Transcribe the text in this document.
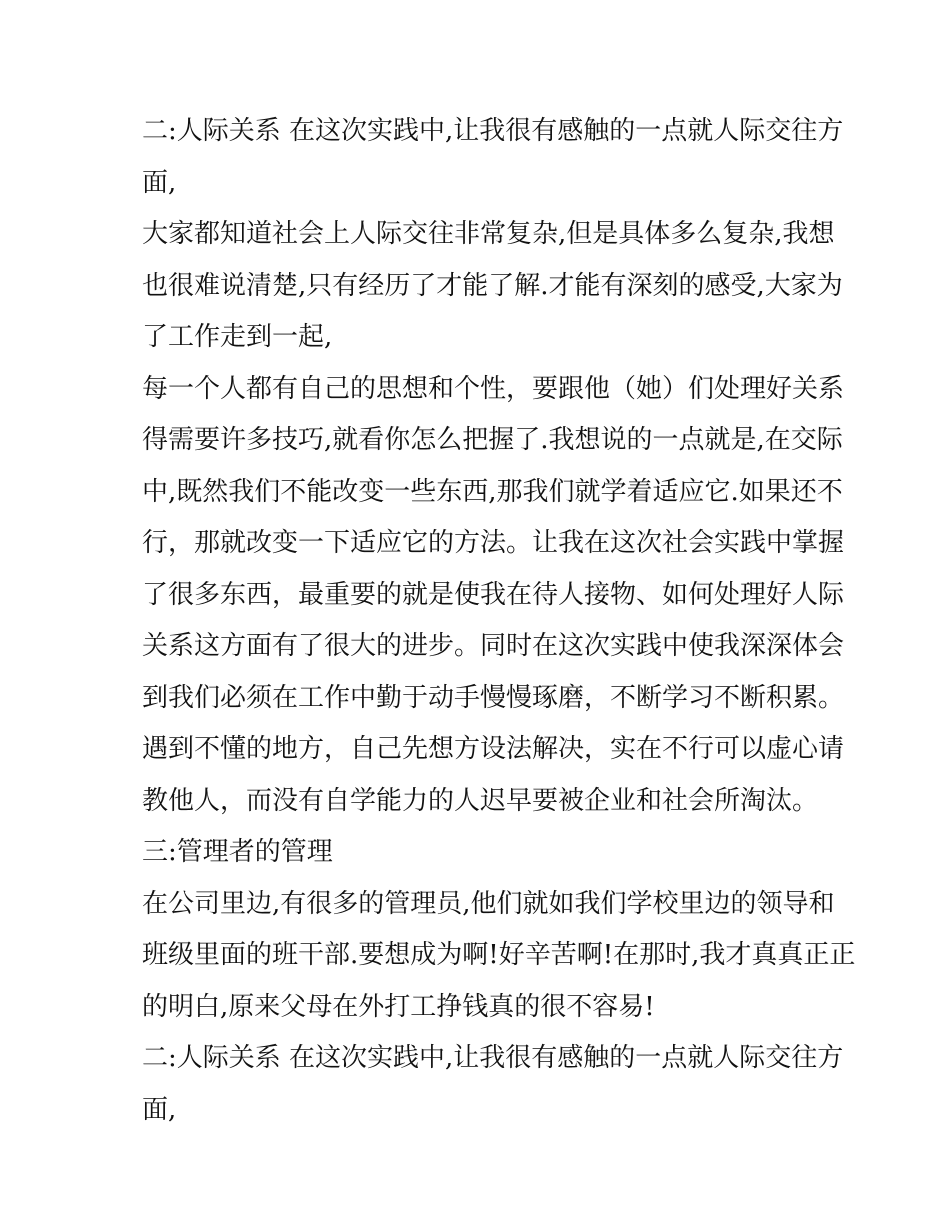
二:人际关系 在这次实践中,让我很有感触的一点就人际交往方
面,
大家都知道社会上人际交往非常复杂,但是具体多么复杂,我想
也很难说清楚,只有经历了才能了解.才能有深刻的感受,大家为
了工作走到一起,
每一个人都有自己的思想和个性，要跟他（她）们处理好关系
得需要许多技巧,就看你怎么把握了.我想说的一点就是,在交际
中,既然我们不能改变一些东西,那我们就学着适应它.如果还不
行，那就改变一下适应它的方法。让我在这次社会实践中掌握
了很多东西，最重要的就是使我在待人接物、如何处理好人际
关系这方面有了很大的进步。同时在这次实践中使我深深体会
到我们必须在工作中勤于动手慢慢琢磨，不断学习不断积累。
遇到不懂的地方，自己先想方设法解决，实在不行可以虚心请
教他人，而没有自学能力的人迟早要被企业和社会所淘汰。
三:管理者的管理
在公司里边,有很多的管理员,他们就如我们学校里边的领导和
班级里面的班干部.要想成为啊!好辛苦啊!在那时,我才真真正正
的明白,原来父母在外打工挣钱真的很不容易!
二:人际关系 在这次实践中,让我很有感触的一点就人际交往方
面,
